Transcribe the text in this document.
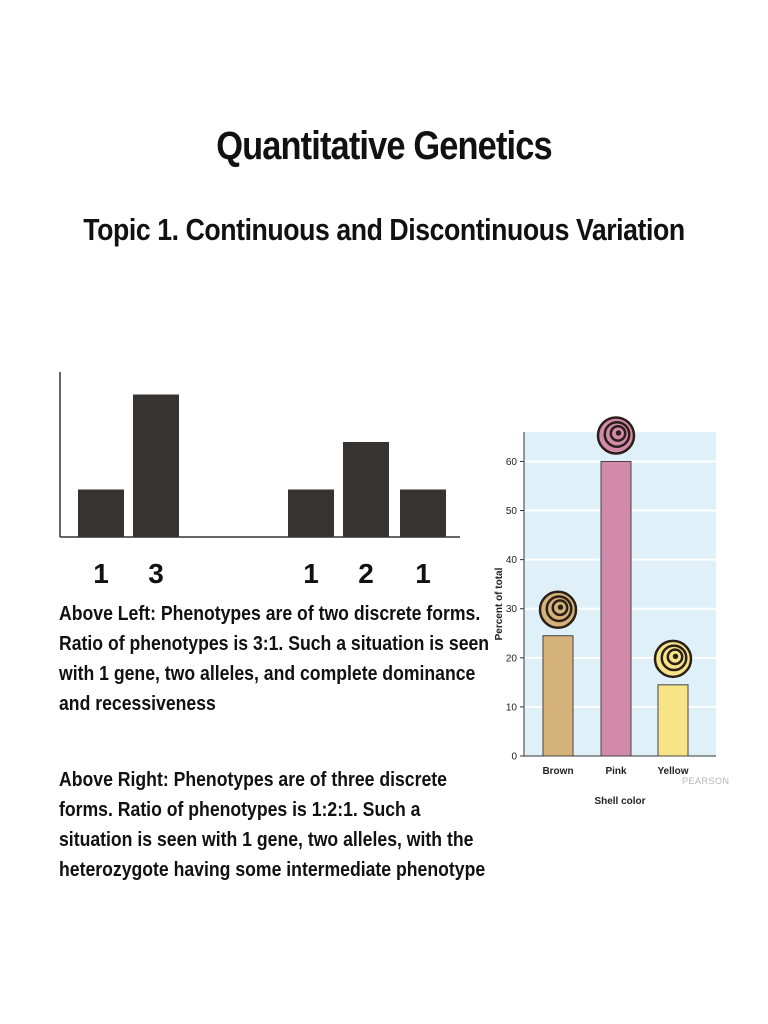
Quantitative Genetics
Topic 1. Continuous and Discontinuous Variation
1 3	1 2 1
0
10
20
30
40
50
60
Percent of total
Brown	Pink	Yellow
Shell color
Above Left: Phenotypes are of two discrete forms.
Ratio of phenotypes is 3:1. Such a situation is seen
with 1 gene, two alleles, and complete dominance
and recessiveness
Above Right: Phenotypes are of three discrete
forms. Ratio of phenotypes is 1:2:1. Such a
situation is seen with 1 gene, two alleles, with the
heterozygote having some intermediate phenotype
PEARSON
